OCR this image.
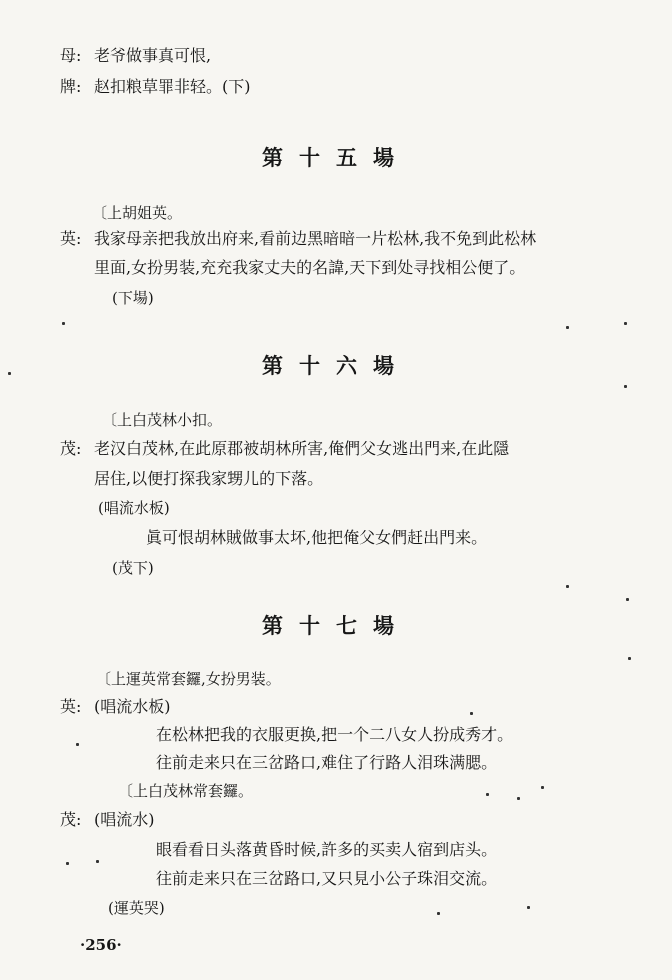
母: 老爷做事真可恨,
牌: 赵扣粮草罪非轻。(下)
第十五場
〔上胡姐英。
英: 我家母亲把我放出府来,看前边黑暗暗一片松林,我不免到此松林
里面,女扮男装,充充我家丈夫的名諱,天下到处寻找相公便了。
(下場)
第十六場
〔上白茂林小扣。
茂: 老汉白茂林,在此原郡被胡林所害,俺們父女逃出門来,在此隱
居住,以便打探我家甥儿的下落。
(唱流水板)
眞可恨胡林賊做事太坏,他把俺父女們赶出門来。
(茂下)
第十七場
〔上運英常套鑼,女扮男装。
英: (唱流水板)
在松林把我的衣服更换,把一个二八女人扮成秀才。
往前走来只在三岔路口,难住了行路人泪珠满腮。
〔上白茂林常套鑼。
茂: (唱流水)
眼看看日头落黄昏时候,許多的买卖人宿到店头。
往前走来只在三岔路口,又只見小公子珠泪交流。
(運英哭)
·256·
